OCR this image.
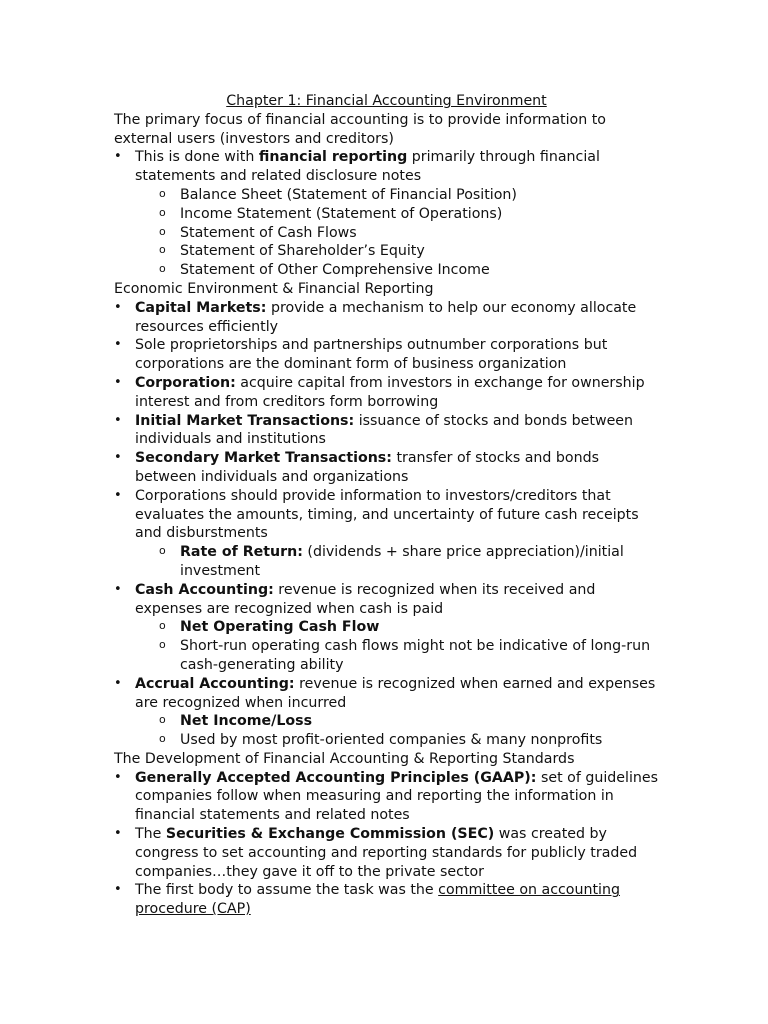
Chapter 1: Financial Accounting Environment

The primary focus of financial accounting is to provide information to external users (investors and creditors)

• This is done with financial reporting primarily through financial statements and related disclosure notes
o Balance Sheet (Statement of Financial Position)
o Income Statement (Statement of Operations)
o Statement of Cash Flows
o Statement of Shareholder’s Equity
o Statement of Other Comprehensive Income

Economic Environment & Financial Reporting

• Capital Markets: provide a mechanism to help our economy allocate resources efficiently
• Sole proprietorships and partnerships outnumber corporations but corporations are the dominant form of business organization
• Corporation: acquire capital from investors in exchange for ownership interest and from creditors form borrowing
• Initial Market Transactions: issuance of stocks and bonds between individuals and institutions
• Secondary Market Transactions: transfer of stocks and bonds between individuals and organizations
• Corporations should provide information to investors/creditors that evaluates the amounts, timing, and uncertainty of future cash receipts and disburstments
o Rate of Return: (dividends + share price appreciation)/initial investment
• Cash Accounting: revenue is recognized when its received and expenses are recognized when cash is paid
o Net Operating Cash Flow
o Short-run operating cash flows might not be indicative of long-run cash-generating ability
• Accrual Accounting: revenue is recognized when earned and expenses are recognized when incurred
o Net Income/Loss
o Used by most profit-oriented companies & many nonprofits

The Development of Financial Accounting & Reporting Standards

• Generally Accepted Accounting Principles (GAAP): set of guidelines companies follow when measuring and reporting the information in financial statements and related notes
• The Securities & Exchange Commission (SEC) was created by congress to set accounting and reporting standards for publicly traded companies…they gave it off to the private sector
• The first body to assume the task was the committee on accounting procedure (CAP)
